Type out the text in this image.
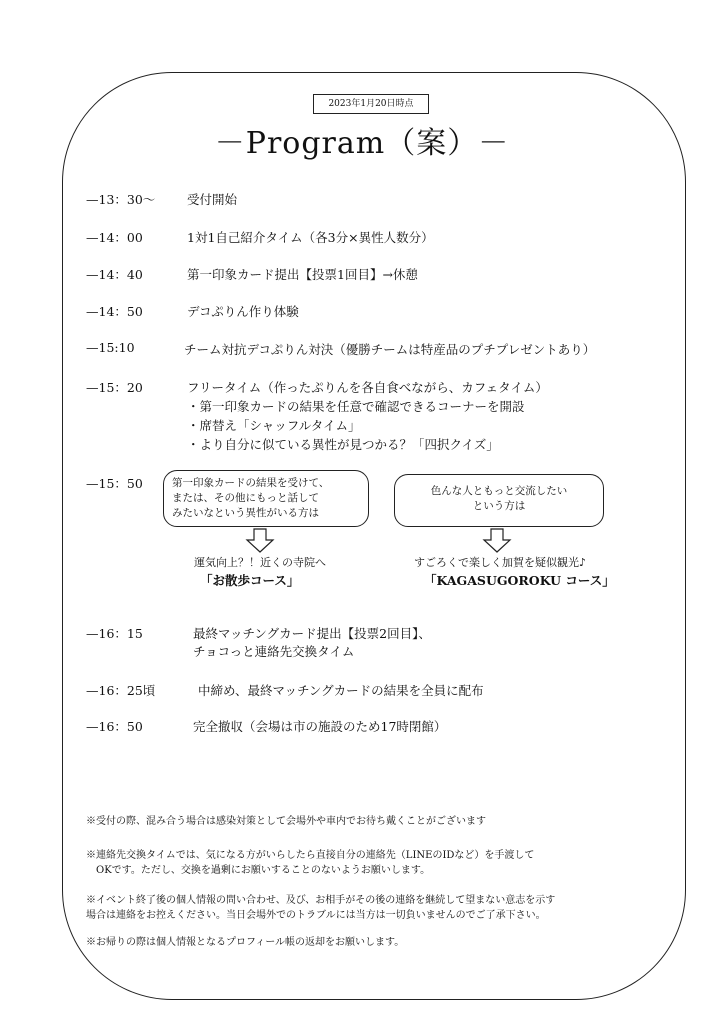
2023年1月20日時点
－Program（案）－
—13：30〜	受付開始
—14：00	1対1自己紹介タイム（各3分×異性人数分）
—14：40	第一印象カード提出【投票1回目】→休憩
—14：50	デコぷりん作り体験
—15:10	チーム対抗デコぷりん対決（優勝チームは特産品のプチプレゼントあり）
—15：20	フリータイム（作ったぷりんを各自食べながら、カフェタイム）
・第一印象カードの結果を任意で確認できるコーナーを開設
・席替え「シャッフルタイム」
・より自分に似ている異性が見つかる？「四択クイズ」
—15：50	第一印象カードの結果を受けて、
または、その他にもっと話して
みたいなという異性がいる方は
運気向上？！近くの寺院へ
「お散歩コース」
色んな人ともっと交流したい
という方は
すごろくで楽しく加賀を疑似観光♪
「KAGASUGOROKU コース」
—16：15	最終マッチングカード提出【投票2回目】、
チョコっと連絡先交換タイム
—16：25頃	中締め、最終マッチングカードの結果を全員に配布
—16：50	完全撤収（会場は市の施設のため17時閉館）
※受付の際、混み合う場合は感染対策として会場外や車内でお待ち戴くことがございます
※連絡先交換タイムでは、気になる方がいらしたら直接自分の連絡先（LINEのIDなど）を手渡して
　OKです。ただし、交換を過剰にお願いすることのないようお願いします。
※イベント終了後の個人情報の問い合わせ、及び、お相手がその後の連絡を継続して望まない意志を示す
場合は連絡をお控えください。当日会場外でのトラブルには当方は一切負いませんのでご了承下さい。
※お帰りの際は個人情報となるプロフィール帳の返却をお願いします。
